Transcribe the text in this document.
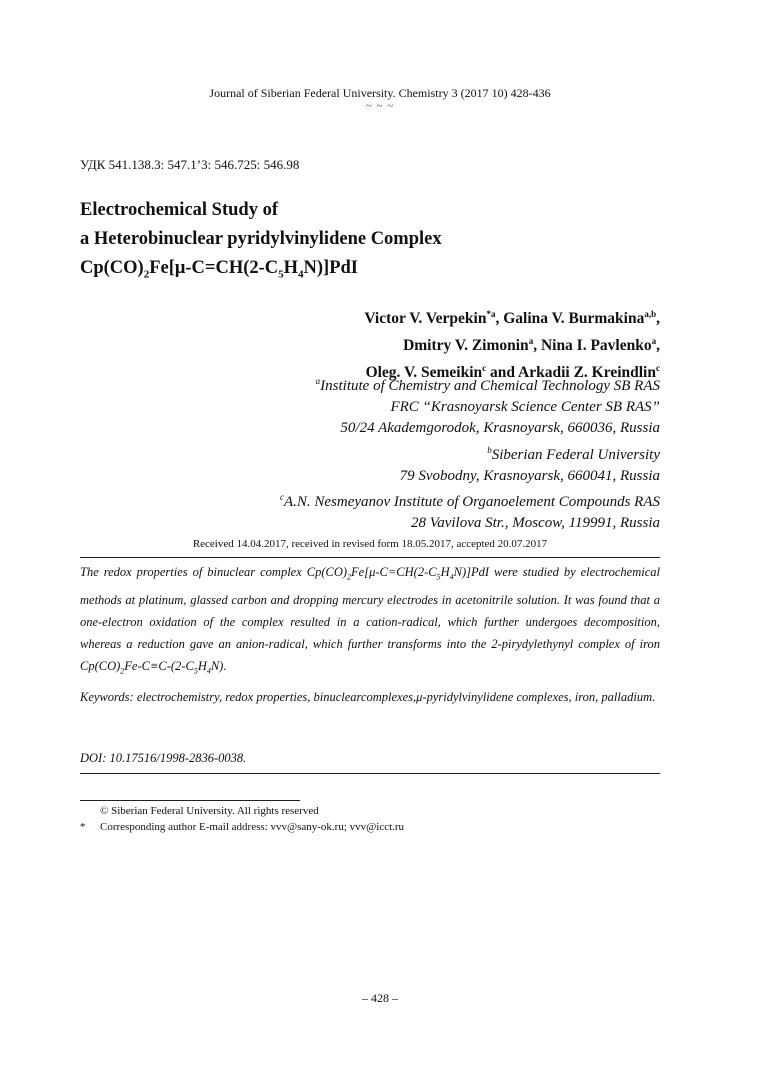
Journal of Siberian Federal University. Chemistry 3 (2017 10) 428-436
~ ~ ~
УДК 541.138.3: 547.1’3: 546.725: 546.98
Electrochemical Study of
a Heterobinuclear pyridylvinylidene Complex
$Cp(CO)_2Fe[\mu-C=CH(2-C_5H_4N)]PdI$
Victor V. Verpekin$^{*a}$, Galina V. Burmakina$^{a,b}$,
Dmitry V. Zimonin$^a$, Nina I. Pavlenko$^a$,
Oleg. V. Semeikin$^c$ and Arkadii Z. Kreindlin$^c$
$^a$Institute of Chemistry and Chemical Technology SB RAS
FRC “Krasnoyarsk Science Center SB RAS”
50/24 Akademgorodok, Krasnoyarsk, 660036, Russia
$^b$Siberian Federal University
79 Svobodny, Krasnoyarsk, 660041, Russia
$^c$A.N. Nesmeyanov Institute of Organoelement Compounds RAS
28 Vavilova Str., Moscow, 119991, Russia
Received 14.04.2017, received in revised form 18.05.2017, accepted 20.07.2017
The redox properties of binuclear complex $Cp(CO)_2Fe[\mu-C=CH(2-C_5H_4N)]PdI$ were studied by electrochemical methods at platinum, glassed carbon and dropping mercury electrodes in acetonitrile solution. It was found that a one-electron oxidation of the complex resulted in a cation-radical, which further undergoes decomposition, whereas a reduction gave an anion-radical, which further transforms into the 2-pirydylethynyl complex of iron $Cp(CO)_2Fe-C\equiv C-(2-C_5H_4N)$.
Keywords: electrochemistry, redox properties, binuclearcomplexes,μ-pyridylvinylidene complexes, iron, palladium.
DOI: 10.17516/1998-2836-0038.
© Siberian Federal University. All rights reserved
* Corresponding author E-mail address: vvv@sany-ok.ru; vvv@icct.ru
– 428 –
